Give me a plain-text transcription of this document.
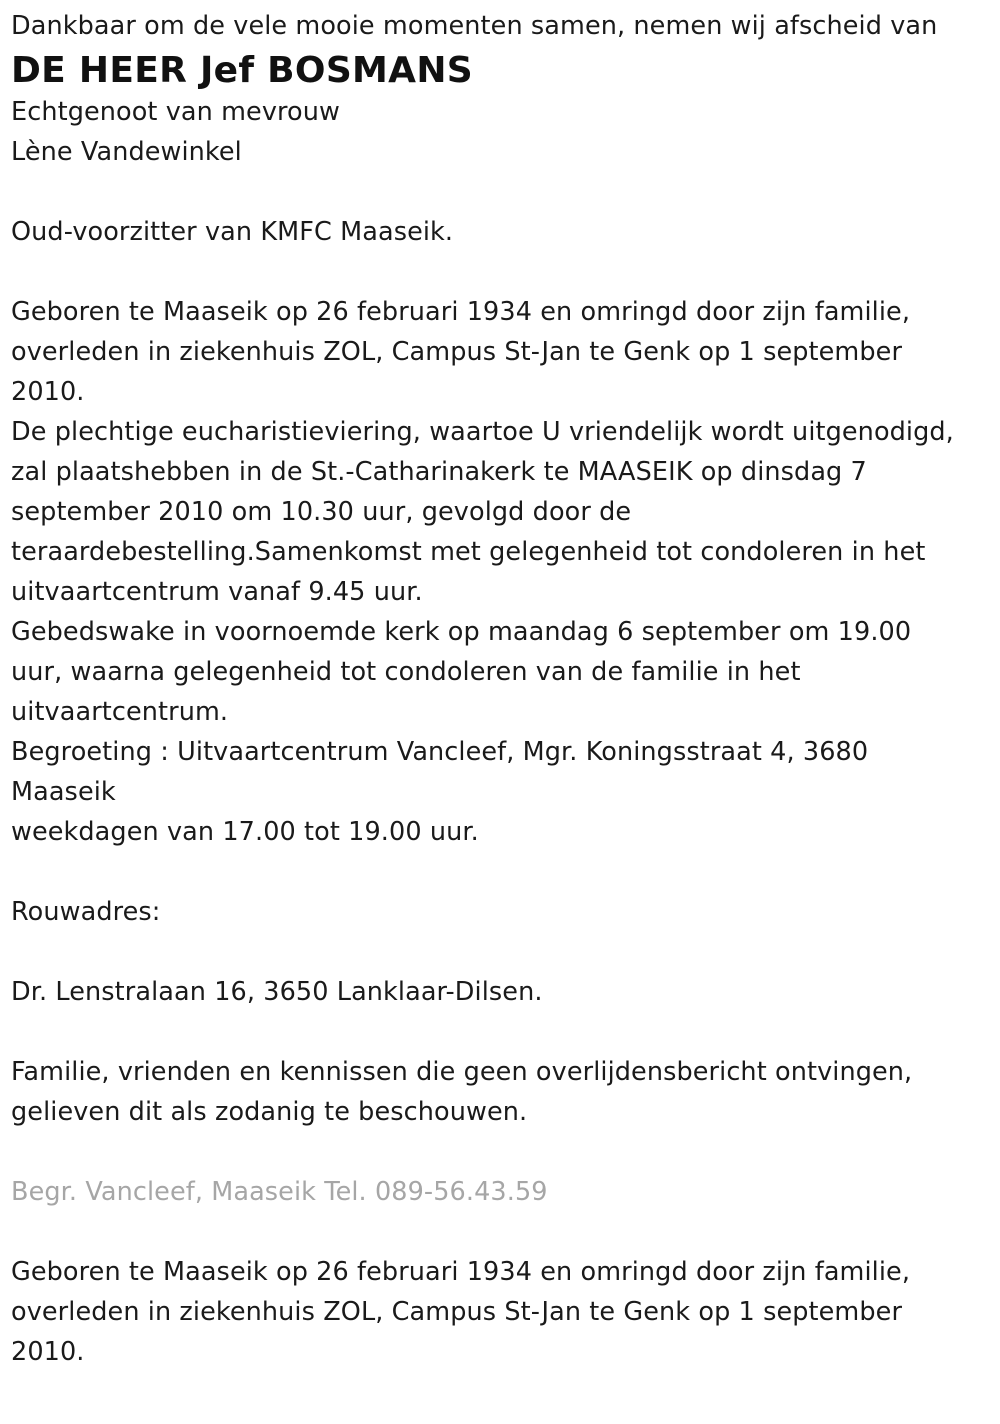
Dankbaar om de vele mooie momenten samen, nemen wij afscheid van
DE HEER Jef BOSMANS
Echtgenoot van mevrouw
Lène Vandewinkel
Oud-voorzitter van KMFC Maaseik.
Geboren te Maaseik op 26 februari 1934 en omringd door zijn familie,
overleden in ziekenhuis ZOL, Campus St-Jan te Genk op 1 september
2010.
De plechtige eucharistieviering, waartoe U vriendelijk wordt uitgenodigd,
zal plaatshebben in de St.-Catharinakerk te MAASEIK op dinsdag 7
september 2010 om 10.30 uur, gevolgd door de
teraardebestelling.Samenkomst met gelegenheid tot condoleren in het
uitvaartcentrum vanaf 9.45 uur.
Gebedswake in voornoemde kerk op maandag 6 september om 19.00
uur, waarna gelegenheid tot condoleren van de familie in het
uitvaartcentrum.
Begroeting : Uitvaartcentrum Vancleef, Mgr. Koningsstraat 4, 3680
Maaseik
weekdagen van 17.00 tot 19.00 uur.
Rouwadres:
Dr. Lenstralaan 16, 3650 Lanklaar-Dilsen.
Familie, vrienden en kennissen die geen overlijdensbericht ontvingen,
gelieven dit als zodanig te beschouwen.
Begr. Vancleef, Maaseik Tel. 089-56.43.59
Geboren te Maaseik op 26 februari 1934 en omringd door zijn familie,
overleden in ziekenhuis ZOL, Campus St-Jan te Genk op 1 september
2010.
